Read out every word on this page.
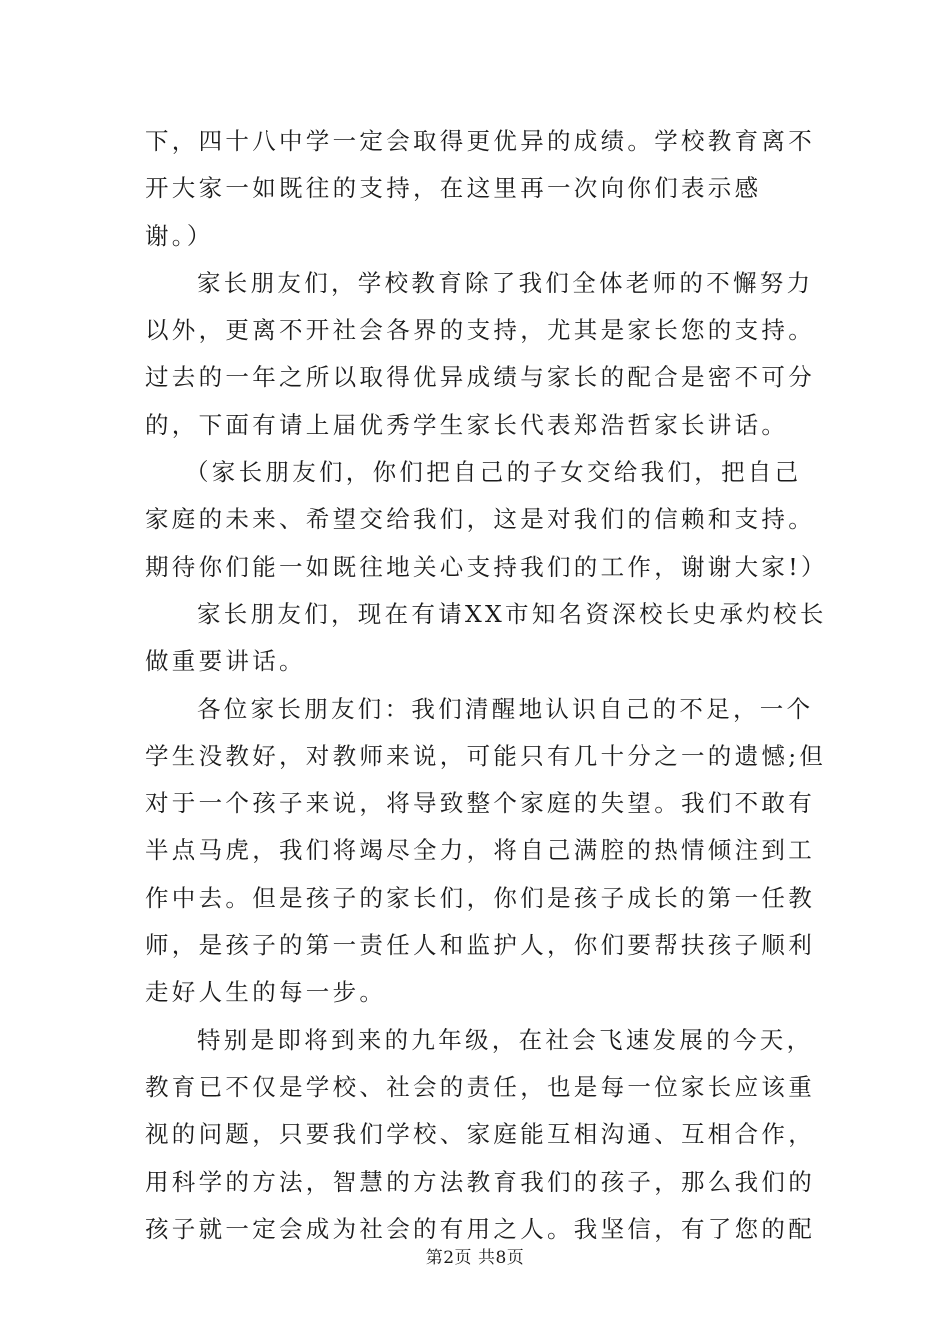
下，四十八中学一定会取得更优异的成绩。学校教育离不
开大家一如既往的支持，在这里再一次向你们表示感
谢。）
家长朋友们，学校教育除了我们全体老师的不懈努力
以外，更离不开社会各界的支持，尤其是家长您的支持。
过去的一年之所以取得优异成绩与家长的配合是密不可分
的，下面有请上届优秀学生家长代表郑浩哲家长讲话。
（家长朋友们，你们把自己的子女交给我们，把自己
家庭的未来、希望交给我们，这是对我们的信赖和支持。
期待你们能一如既往地关心支持我们的工作，谢谢大家!）
家长朋友们，现在有请XX市知名资深校长史承灼校长
做重要讲话。
各位家长朋友们：我们清醒地认识自己的不足，一个
学生没教好，对教师来说，可能只有几十分之一的遗憾;但
对于一个孩子来说，将导致整个家庭的失望。我们不敢有
半点马虎，我们将竭尽全力，将自己满腔的热情倾注到工
作中去。但是孩子的家长们，你们是孩子成长的第一任教
师，是孩子的第一责任人和监护人，你们要帮扶孩子顺利
走好人生的每一步。
特别是即将到来的九年级，在社会飞速发展的今天，
教育已不仅是学校、社会的责任，也是每一位家长应该重
视的问题，只要我们学校、家庭能互相沟通、互相合作，
用科学的方法，智慧的方法教育我们的孩子，那么我们的
孩子就一定会成为社会的有用之人。我坚信，有了您的配
第2页 共8页
